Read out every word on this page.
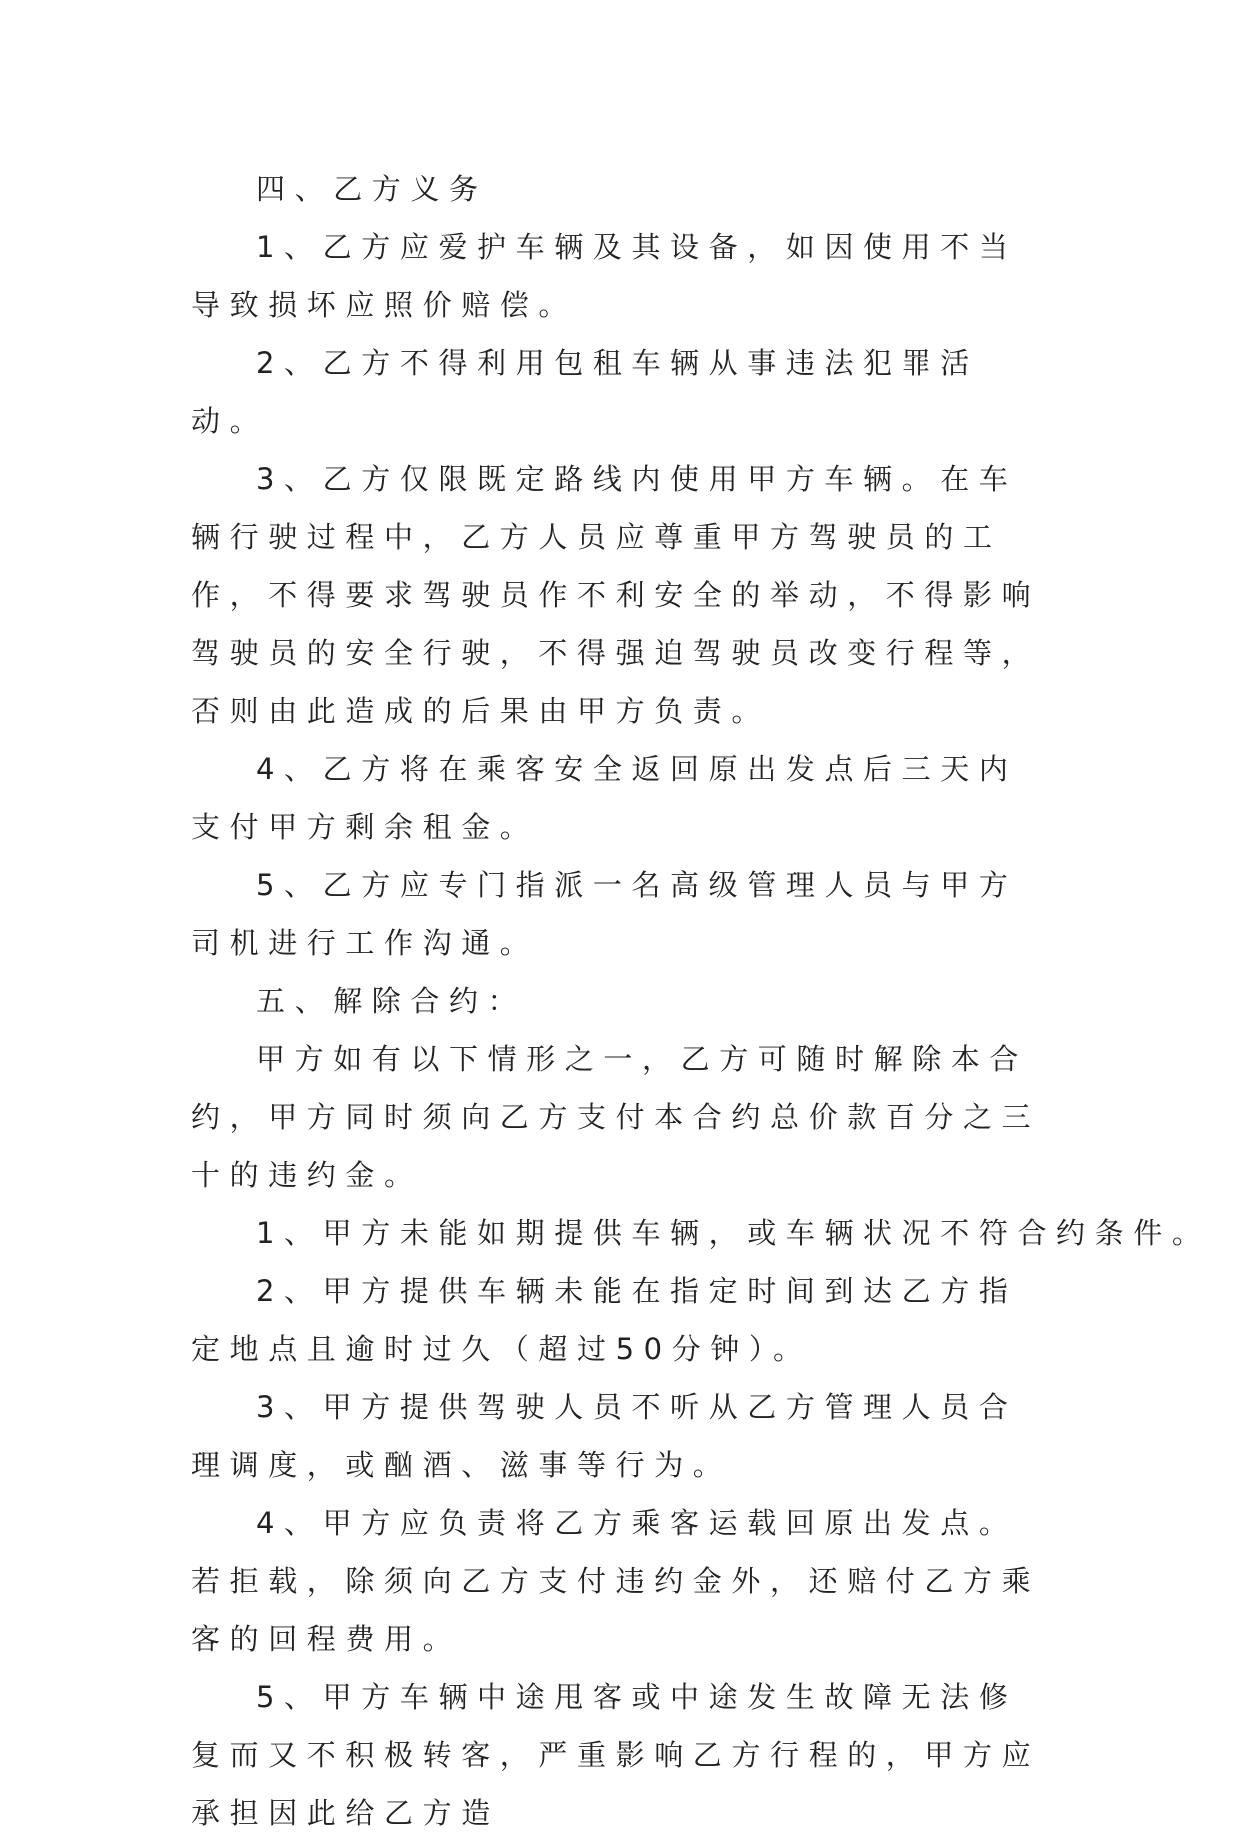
四、乙方义务

1、乙方应爱护车辆及其设备，如因使用不当导致损坏应照价赔偿。

2、乙方不得利用包租车辆从事违法犯罪活动。

3、乙方仅限既定路线内使用甲方车辆。在车辆行驶过程中，乙方人员应尊重甲方驾驶员的工作，不得要求驾驶员作不利安全的举动，不得影响驾驶员的安全行驶，不得强迫驾驶员改变行程等，否则由此造成的后果由甲方负责。

4、乙方将在乘客安全返回原出发点后三天内支付甲方剩余租金。

5、乙方应专门指派一名高级管理人员与甲方司机进行工作沟通。

五、解除合约：

甲方如有以下情形之一，乙方可随时解除本合约，甲方同时须向乙方支付本合约总价款百分之三十的违约金。

1、甲方未能如期提供车辆，或车辆状况不符合约条件。

2、甲方提供车辆未能在指定时间到达乙方指定地点且逾时过久（超过50分钟）。

3、甲方提供驾驶人员不听从乙方管理人员合理调度，或酗酒、滋事等行为。

4、甲方应负责将乙方乘客运载回原出发点。若拒载，除须向乙方支付违约金外，还赔付乙方乘客的回程费用。

5、甲方车辆中途甩客或中途发生故障无法修复而又不积极转客，严重影响乙方行程的，甲方应承担因此给乙方造
